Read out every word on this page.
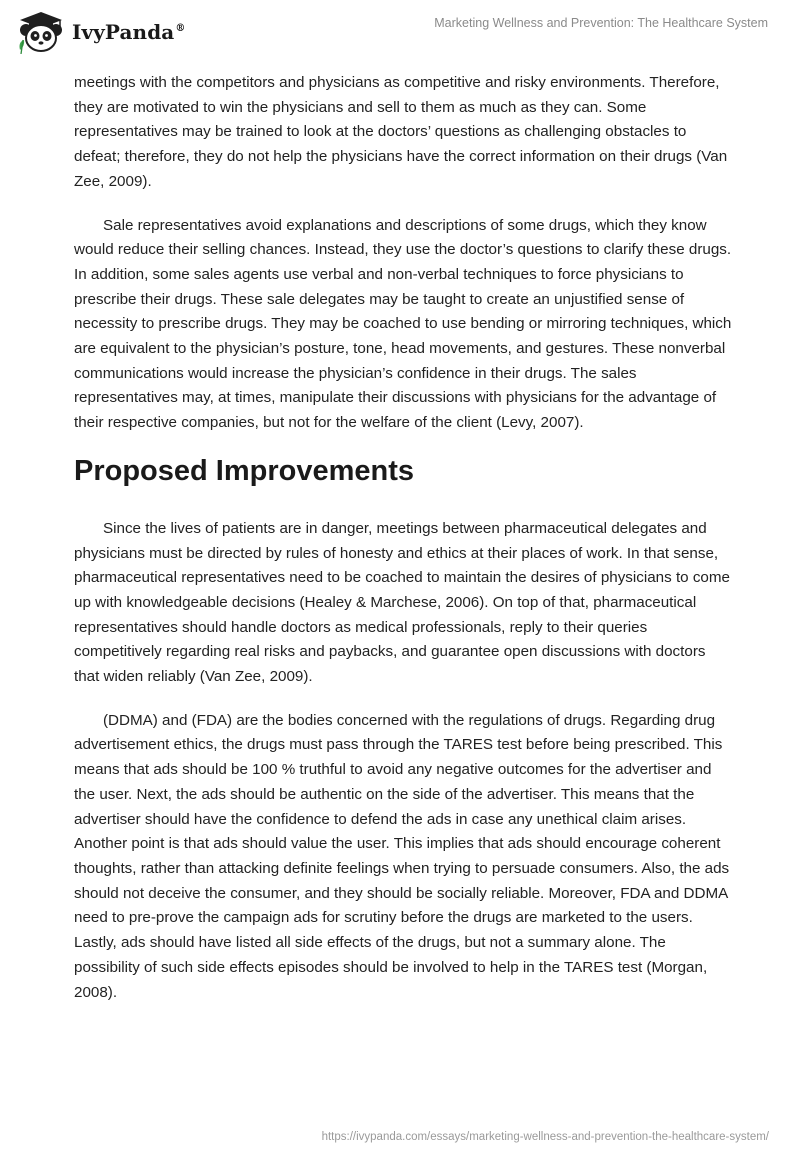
IvyPanda®	Marketing Wellness and Prevention: The Healthcare System

meetings with the competitors and physicians as competitive and risky environments. Therefore, they are motivated to win the physicians and sell to them as much as they can. Some representatives may be trained to look at the doctors’ questions as challenging obstacles to defeat; therefore, they do not help the physicians have the correct information on their drugs (Van Zee, 2009).

Sale representatives avoid explanations and descriptions of some drugs, which they know would reduce their selling chances. Instead, they use the doctor’s questions to clarify these drugs. In addition, some sales agents use verbal and non-verbal techniques to force physicians to prescribe their drugs. These sale delegates may be taught to create an unjustified sense of necessity to prescribe drugs. They may be coached to use bending or mirroring techniques, which are equivalent to the physician’s posture, tone, head movements, and gestures. These nonverbal communications would increase the physician’s confidence in their drugs. The sales representatives may, at times, manipulate their discussions with physicians for the advantage of their respective companies, but not for the welfare of the client (Levy, 2007).

Proposed Improvements

Since the lives of patients are in danger, meetings between pharmaceutical delegates and physicians must be directed by rules of honesty and ethics at their places of work. In that sense, pharmaceutical representatives need to be coached to maintain the desires of physicians to come up with knowledgeable decisions (Healey & Marchese, 2006). On top of that, pharmaceutical representatives should handle doctors as medical professionals, reply to their queries competitively regarding real risks and paybacks, and guarantee open discussions with doctors that widen reliably (Van Zee, 2009).

(DDMA) and (FDA) are the bodies concerned with the regulations of drugs. Regarding drug advertisement ethics, the drugs must pass through the TARES test before being prescribed. This means that ads should be 100 % truthful to avoid any negative outcomes for the advertiser and the user. Next, the ads should be authentic on the side of the advertiser. This means that the advertiser should have the confidence to defend the ads in case any unethical claim arises. Another point is that ads should value the user. This implies that ads should encourage coherent thoughts, rather than attacking definite feelings when trying to persuade consumers. Also, the ads should not deceive the consumer, and they should be socially reliable. Moreover, FDA and DDMA need to pre-prove the campaign ads for scrutiny before the drugs are marketed to the users. Lastly, ads should have listed all side effects of the drugs, but not a summary alone. The possibility of such side effects episodes should be involved to help in the TARES test (Morgan, 2008).

https://ivypanda.com/essays/marketing-wellness-and-prevention-the-healthcare-system/
